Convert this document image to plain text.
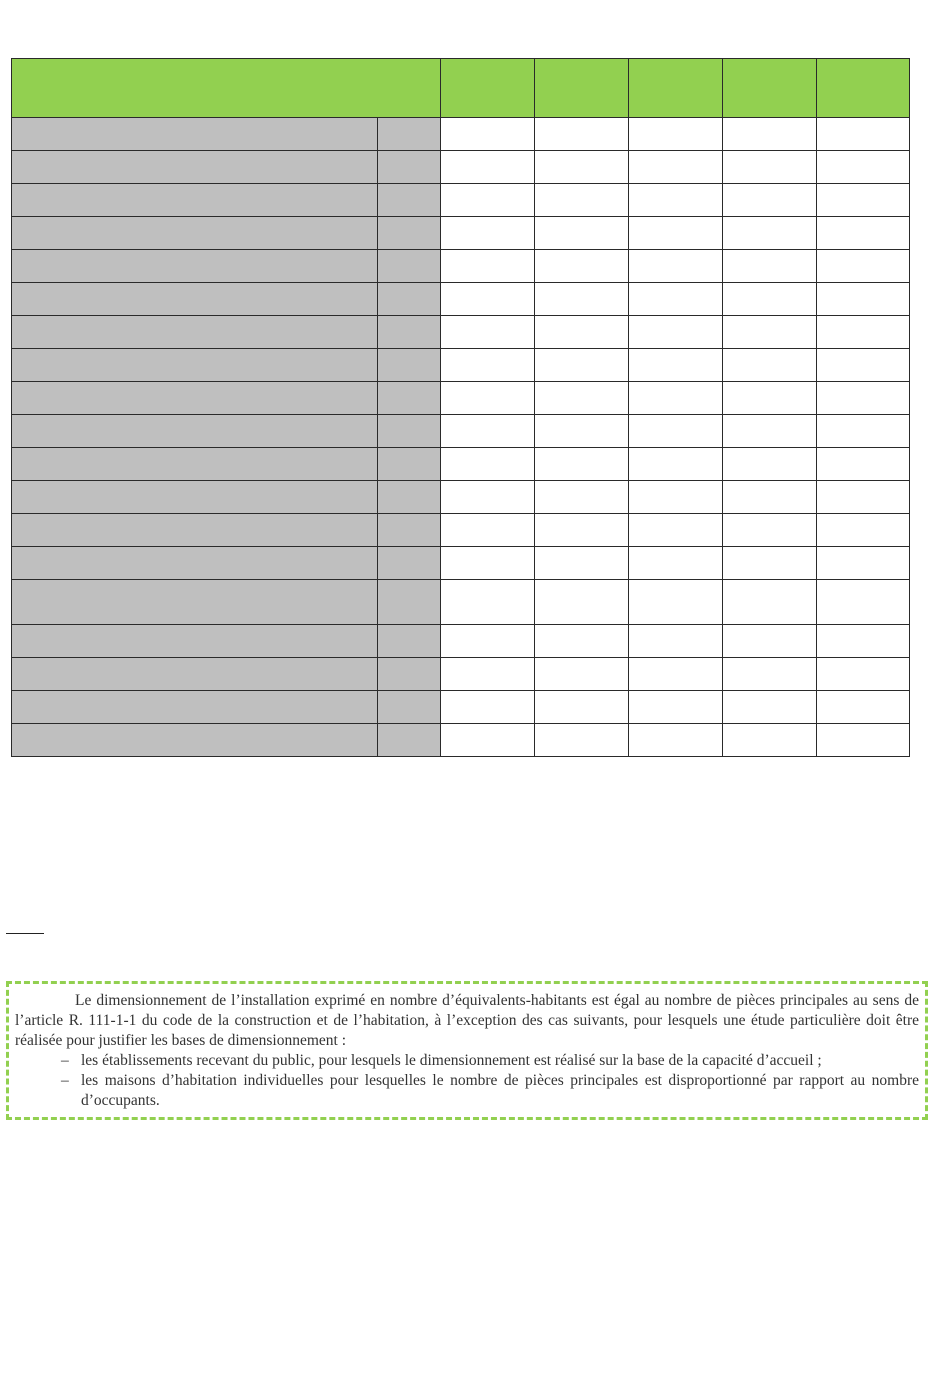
Le dimensionnement de l’installation exprimé en nombre d’équivalents-habitants est égal au nombre de pièces principales au sens de l’article R. 111-1-1 du code de la construction et de l’habitation, à l’exception des cas suivants, pour lesquels une étude particulière doit être réalisée pour justifier les bases de dimensionnement :

– les établissements recevant du public, pour lesquels le dimensionnement est réalisé sur la base de la capacité d’accueil ;
– les maisons d’habitation individuelles pour lesquelles le nombre de pièces principales est disproportionné par rapport au nombre d’occupants.
